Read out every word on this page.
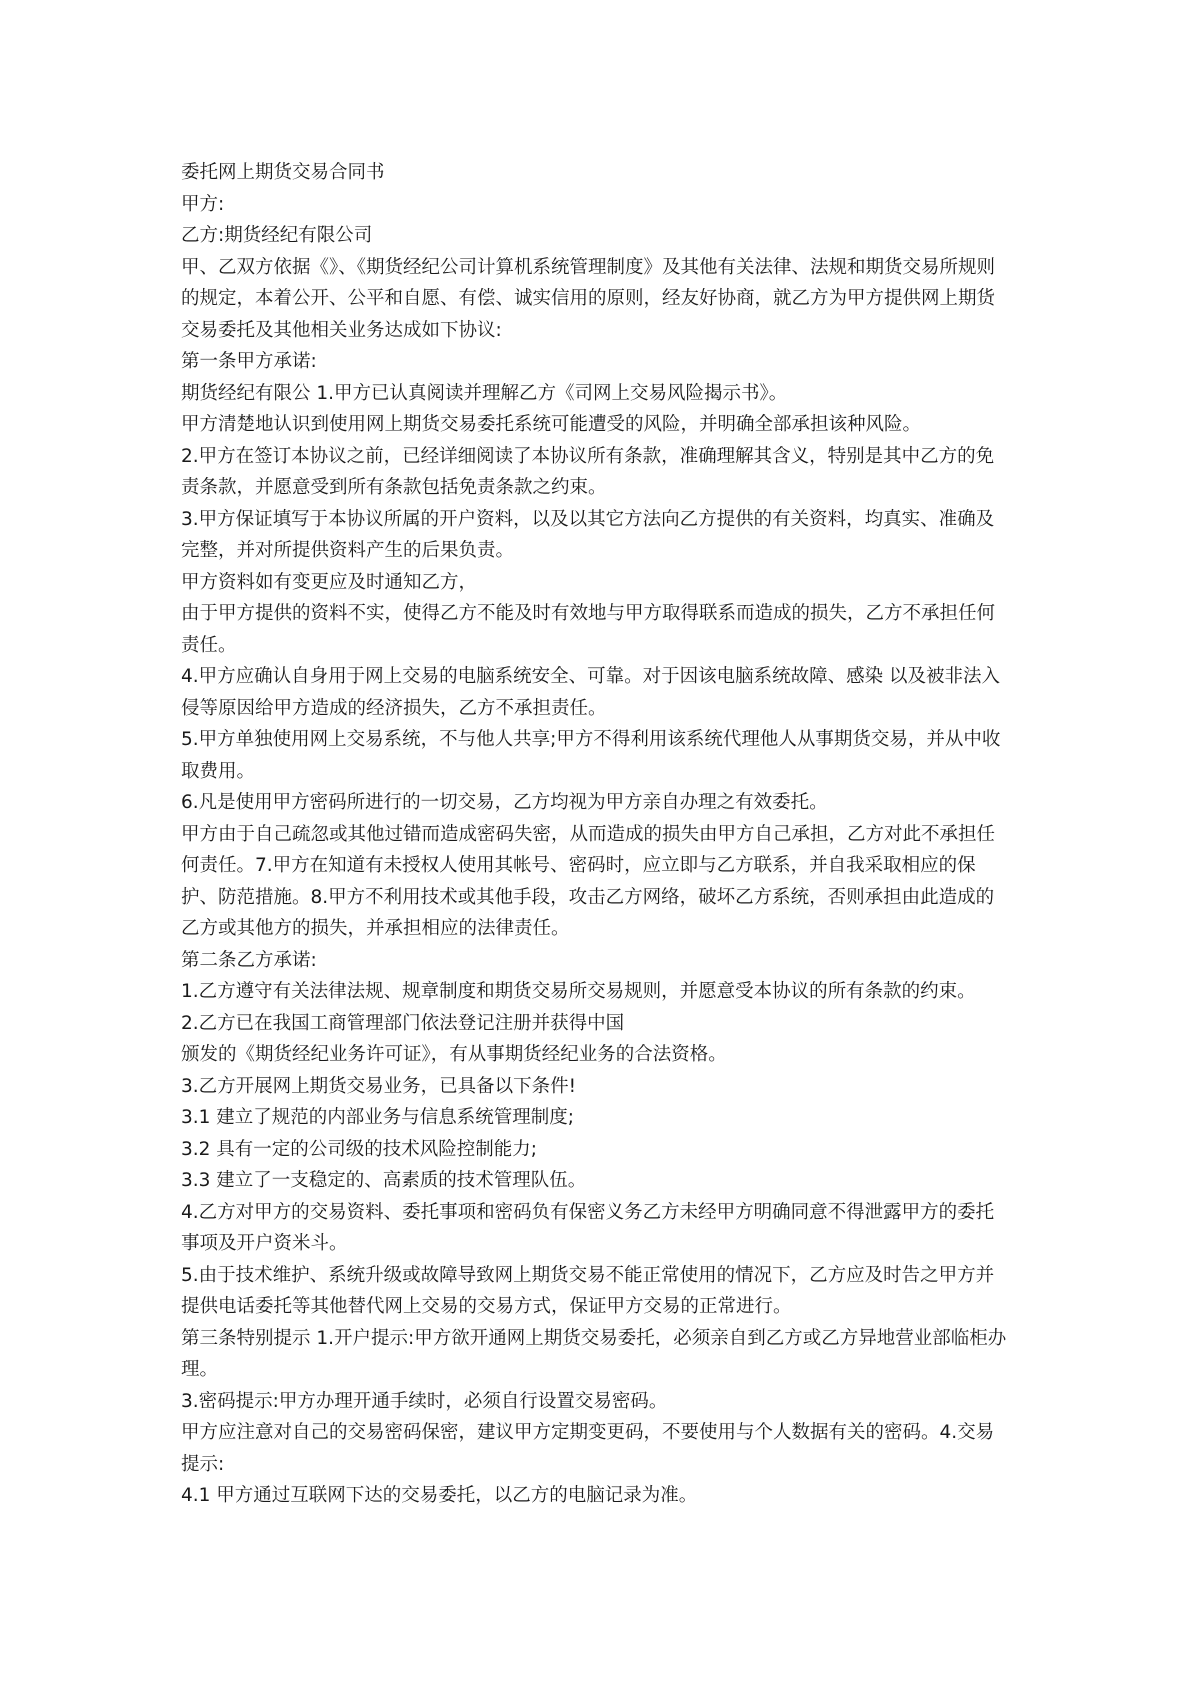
委托网上期货交易合同书

甲方:

乙方:期货经纪有限公司

甲、乙双方依据《》、《期货经纪公司计算机系统管理制度》及其他有关法律、法规和期货交易所规则的规定，本着公开、公平和自愿、有偿、诚实信用的原则，经友好协商，就乙方为甲方提供网上期货交易委托及其他相关业务达成如下协议:

第一条甲方承诺:

期货经纪有限公 1.甲方已认真阅读并理解乙方《司网上交易风险揭示书》。

甲方清楚地认识到使用网上期货交易委托系统可能遭受的风险，并明确全部承担该种风险。

2.甲方在签订本协议之前，已经详细阅读了本协议所有条款，准确理解其含义，特别是其中乙方的免责条款，并愿意受到所有条款包括免责条款之约束。

3.甲方保证填写于本协议所属的开户资料，以及以其它方法向乙方提供的有关资料，均真实、准确及完整，并对所提供资料产生的后果负责。

甲方资料如有变更应及时通知乙方，

由于甲方提供的资料不实，使得乙方不能及时有效地与甲方取得联系而造成的损失，乙方不承担任何责任。

4.甲方应确认自身用于网上交易的电脑系统安全、可靠。对于因该电脑系统故障、感染 以及被非法入侵等原因给甲方造成的经济损失，乙方不承担责任。

5.甲方单独使用网上交易系统，不与他人共享;甲方不得利用该系统代理他人从事期货交易，并从中收取费用。

6.凡是使用甲方密码所进行的一切交易，乙方均视为甲方亲自办理之有效委托。

甲方由于自己疏忽或其他过错而造成密码失密，从而造成的损失由甲方自己承担，乙方对此不承担任何责任。7.甲方在知道有未授权人使用其帐号、密码时，应立即与乙方联系，并自我采取相应的保护、防范措施。8.甲方不利用技术或其他手段，攻击乙方网络，破坏乙方系统，否则承担由此造成的乙方或其他方的损失，并承担相应的法律责任。

第二条乙方承诺:

1.乙方遵守有关法律法规、规章制度和期货交易所交易规则，并愿意受本协议的所有条款的约束。

2.乙方已在我国工商管理部门依法登记注册并获得中国

颁发的《期货经纪业务许可证》，有从事期货经纪业务的合法资格。

3.乙方开展网上期货交易业务，已具备以下条件!

3.1 建立了规范的内部业务与信息系统管理制度;

3.2 具有一定的公司级的技术风险控制能力;

3.3 建立了一支稳定的、高素质的技术管理队伍。

4.乙方对甲方的交易资料、委托事项和密码负有保密义务乙方未经甲方明确同意不得泄露甲方的委托事项及开户资米斗。

5.由于技术维护、系统升级或故障导致网上期货交易不能正常使用的情况下，乙方应及时告之甲方并提供电话委托等其他替代网上交易的交易方式，保证甲方交易的正常进行。

第三条特别提示 1.开户提示:甲方欲开通网上期货交易委托，必须亲自到乙方或乙方异地营业部临柜办理。

3.密码提示:甲方办理开通手续时，必须自行设置交易密码。

甲方应注意对自己的交易密码保密，建议甲方定期变更码，不要使用与个人数据有关的密码。4.交易提示:

4.1 甲方通过互联网下达的交易委托，以乙方的电脑记录为准。
